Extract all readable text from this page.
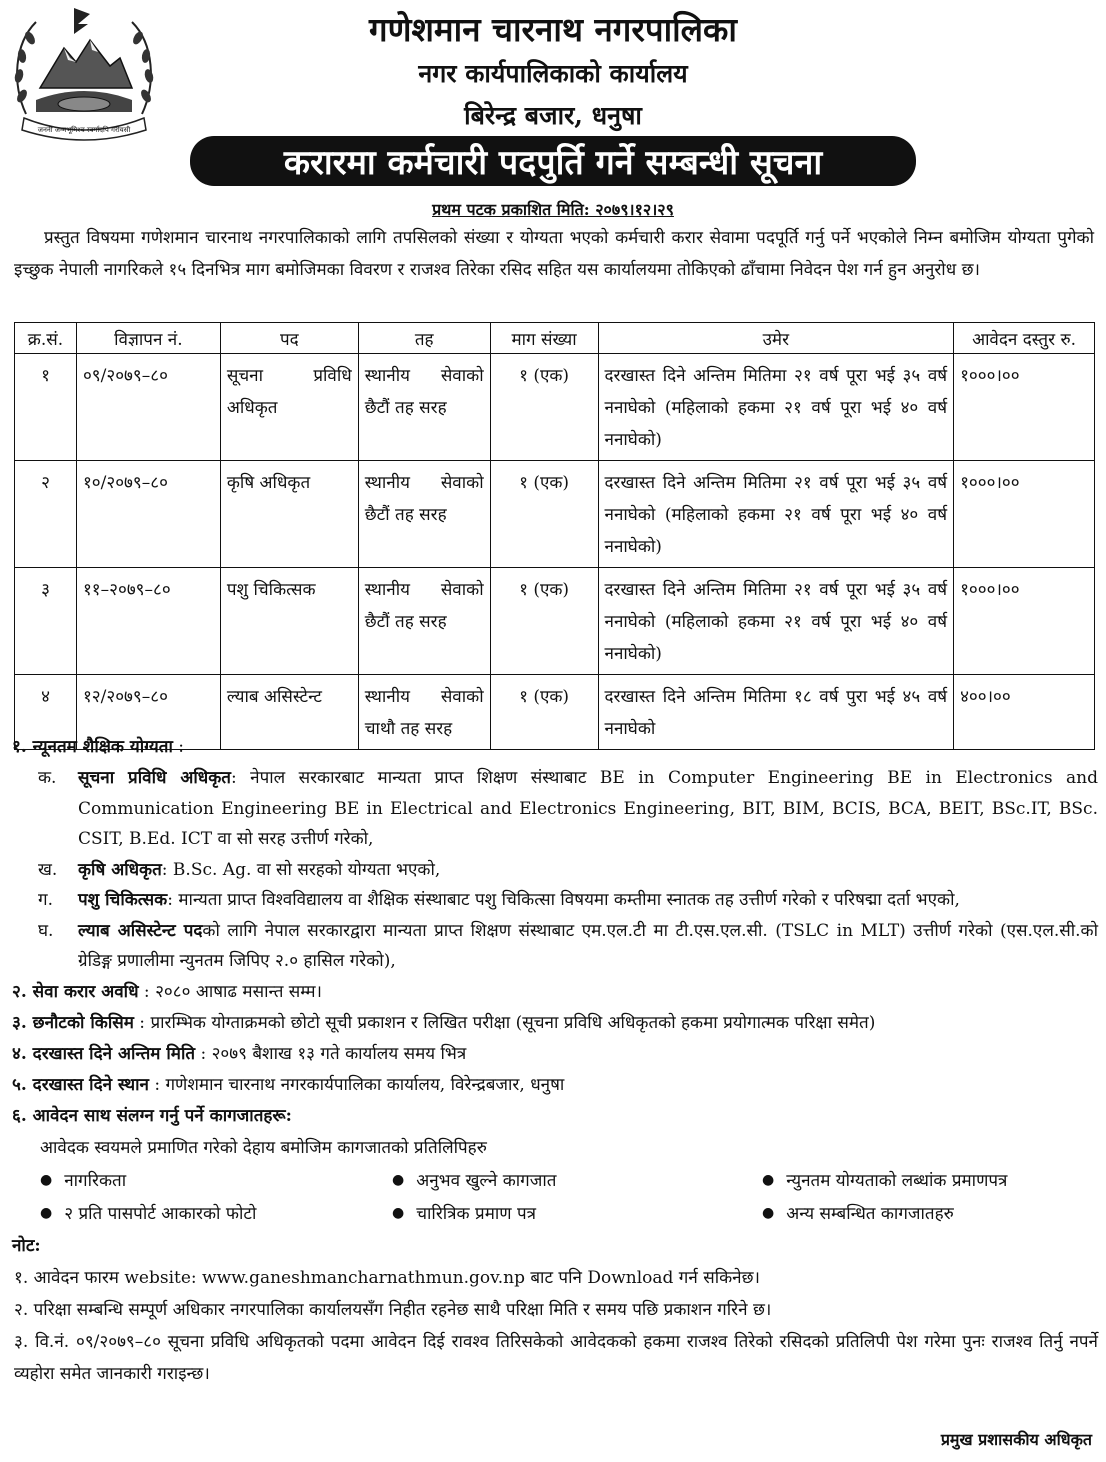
जननी जन्मभूमिश्च स्वर्गादपि गरीयसी
गणेशमान चारनाथ नगरपालिका
नगर कार्यपालिकाको कार्यालय
बिरेन्द्र बजार, धनुषा
करारमा कर्मचारी पदपुर्ति गर्ने सम्बन्धी सूचना
प्रथम पटक प्रकाशित मिति: २०७९।१२।२९
प्रस्तुत विषयमा गणेशमान चारनाथ नगरपालिकाको लागि तपसिलको संख्या र योग्यता भएको कर्मचारी करार सेवामा पदपूर्ति गर्नु पर्ने भएकोले निम्न बमोजिम योग्यता पुगेको इच्छुक नेपाली नागरिकले १५ दिनभित्र माग बमोजिमका विवरण र राजश्व तिरेका रसिद सहित यस कार्यालयमा तोकिएको ढाँचामा निवेदन पेश गर्न हुन अनुरोध छ।
क्र.सं.	विज्ञापन नं.	पद	तह	माग संख्या	उमेर	आवेदन दस्तुर रु.
१	०९/२०७९–८०	सूचना प्रविधि अधिकृत	स्थानीय सेवाको छैटौं तह सरह	१ (एक)	दरखास्त दिने अन्तिम मितिमा २१ वर्ष पूरा भई ३५ वर्ष ननाघेको (महिलाको हकमा २१ वर्ष पूरा भई ४० वर्ष ननाघेको)	१०००।००
२	१०/२०७९–८०	कृषि अधिकृत	स्थानीय सेवाको छैटौं तह सरह	१ (एक)	दरखास्त दिने अन्तिम मितिमा २१ वर्ष पूरा भई ३५ वर्ष ननाघेको (महिलाको हकमा २१ वर्ष पूरा भई ४० वर्ष ननाघेको)	१०००।००
३	११–२०७९–८०	पशु चिकित्सक	स्थानीय सेवाको छैटौं तह सरह	१ (एक)	दरखास्त दिने अन्तिम मितिमा २१ वर्ष पूरा भई ३५ वर्ष ननाघेको (महिलाको हकमा २१ वर्ष पूरा भई ४० वर्ष ननाघेको)	१०००।००
४	१२/२०७९–८०	ल्याब असिस्टेन्ट	स्थानीय सेवाको चाथौ तह सरह	१ (एक)	दरखास्त दिने अन्तिम मितिमा १८ वर्ष पुरा भई ४५ वर्ष ननाघेको	४००।००
१. न्यूनतम शैक्षिक योग्यता :
क.	सूचना प्रविधि अधिकृत: नेपाल सरकारबाट मान्यता प्राप्त शिक्षण संस्थाबाट BE in Computer Engineering BE in Electronics and Communication Engineering BE in Electrical and Electronics Engineering, BIT, BIM, BCIS, BCA, BEIT, BSc.IT, BSc. CSIT, B.Ed. ICT वा सो सरह उत्तीर्ण गरेको,
ख.	कृषि अधिकृत: B.Sc. Ag. वा सो सरहको योग्यता भएको,
ग.	पशु चिकित्सक: मान्यता प्राप्त विश्वविद्यालय वा शैक्षिक संस्थाबाट पशु चिकित्सा विषयमा कम्तीमा स्नातक तह उत्तीर्ण गरेको र परिषद्मा दर्ता भएको,
घ.	ल्याब असिस्टेन्ट पदको लागि नेपाल सरकारद्वारा मान्यता प्राप्त शिक्षण संस्थाबाट एम.एल.टी मा टी.एस.एल.सी. (TSLC in MLT) उत्तीर्ण गरेको (एस.एल.सी.को ग्रेडिङ्ग प्रणालीमा न्युनतम जिपिए २.० हासिल गरेको),
२. सेवा करार अवधि : २०८० आषाढ मसान्त सम्म।
३. छनौटको किसिम : प्रारम्भिक योग्ताक्रमको छोटो सूची प्रकाशन र लिखित परीक्षा (सूचना प्रविधि अधिकृतको हकमा प्रयोगात्मक परिक्षा समेत)
४. दरखास्त दिने अन्तिम मिति : २०७९ बैशाख १३ गते कार्यालय समय भित्र
५. दरखास्त दिने स्थान : गणेशमान चारनाथ नगरकार्यपालिका कार्यालय, विरेन्द्रबजार, धनुषा
६. आवेदन साथ संलग्न गर्नु पर्ने कागजातहरू:
आवेदक स्वयमले प्रमाणित गरेको देहाय बमोजिम कागजातको प्रतिलिपिहरु
● नागरिकता	● अनुभव खुल्ने कागजात	● न्युनतम योग्यताको लब्धांक प्रमाणपत्र
● २ प्रति पासपोर्ट आकारको फोटो	● चारित्रिक प्रमाण पत्र	● अन्य सम्बन्धित कागजातहरु
नोट:
१. आवेदन फारम website: www.ganeshmancharnathmun.gov.np बाट पनि Download गर्न सकिनेछ।
२. परिक्षा सम्बन्धि सम्पूर्ण अधिकार नगरपालिका कार्यालयसँग निहीत रहनेछ साथै परिक्षा मिति र समय पछि प्रकाशन गरिने छ।
३. वि.नं. ०९/२०७९–८० सूचना प्रविधि अधिकृतको पदमा आवेदन दिई रावश्व तिरिसकेको आवेदकको हकमा राजश्व तिरेको रसिदको प्रतिलिपी पेश गरेमा पुनः राजश्व तिर्नु नपर्ने व्यहोरा समेत जानकारी गराइन्छ।
प्रमुख प्रशासकीय अधिकृत
